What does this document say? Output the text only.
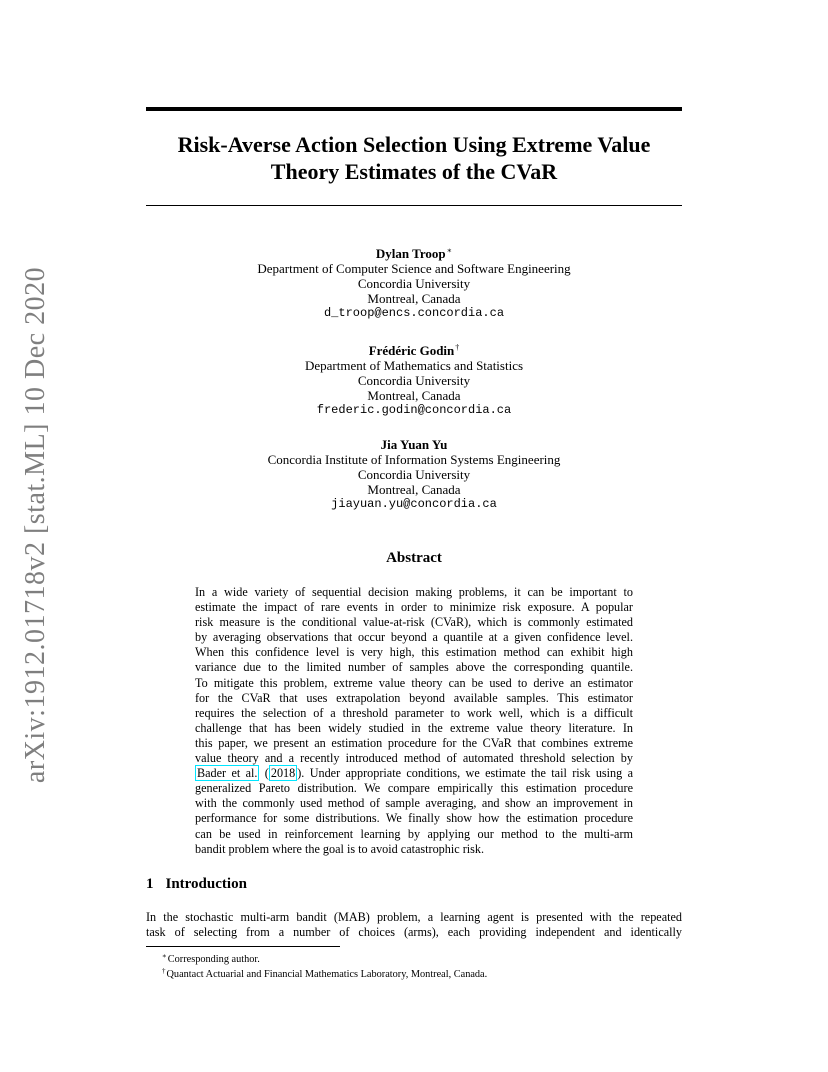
arXiv:1912.01718v2 [stat.ML] 10 Dec 2020
Risk-Averse Action Selection Using Extreme Value
Theory Estimates of the CVaR
Dylan Troop∗
Department of Computer Science and Software Engineering
Concordia University
Montreal, Canada
d_troop@encs.concordia.ca
Frédéric Godin†
Department of Mathematics and Statistics
Concordia University
Montreal, Canada
frederic.godin@concordia.ca
Jia Yuan Yu
Concordia Institute of Information Systems Engineering
Concordia University
Montreal, Canada
jiayuan.yu@concordia.ca
Abstract
In a wide variety of sequential decision making problems, it can be important to
estimate the impact of rare events in order to minimize risk exposure. A popular
risk measure is the conditional value-at-risk (CVaR), which is commonly estimated
by averaging observations that occur beyond a quantile at a given confidence level.
When this confidence level is very high, this estimation method can exhibit high
variance due to the limited number of samples above the corresponding quantile.
To mitigate this problem, extreme value theory can be used to derive an estimator
for the CVaR that uses extrapolation beyond available samples. This estimator
requires the selection of a threshold parameter to work well, which is a difficult
challenge that has been widely studied in the extreme value theory literature. In
this paper, we present an estimation procedure for the CVaR that combines extreme
value theory and a recently introduced method of automated threshold selection by
Bader et al. ( 2018 ). Under appropriate conditions, we estimate the tail risk using a
generalized Pareto distribution. We compare empirically this estimation procedure
with the commonly used method of sample averaging, and show an improvement in
performance for some distributions. We finally show how the estimation procedure
can be used in reinforcement learning by applying our method to the multi-arm
bandit problem where the goal is to avoid catastrophic risk.
1 Introduction
In the stochastic multi-arm bandit (MAB) problem, a learning agent is presented with the repeated
task of selecting from a number of choices (arms), each providing independent and identically
∗Corresponding author.
†Quantact Actuarial and Financial Mathematics Laboratory, Montreal, Canada.
